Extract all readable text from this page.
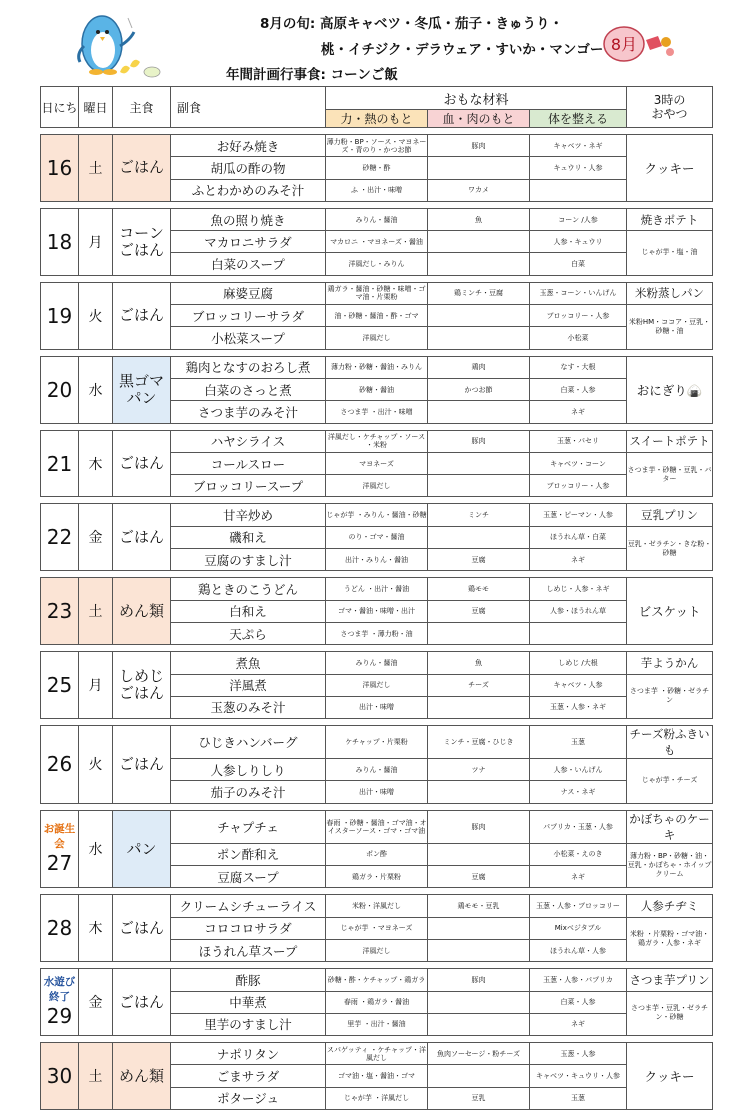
8月の旬: 高原キャベツ・冬瓜・茄子・きゅうり・
桃・イチジク・デラウェア・すいか・マンゴー
年間計画行事食: コーンご飯
8月
日にち	曜日	主食	副食	おもな材料			3時の
おやつ
				力・熱のもと	血・肉のもと	体を整える	

16	土	ごはん	お好み焼き	薄力粉・BP・ソース・マヨネーズ・青のり・かつお節	豚肉	キャベツ・ネギ	クッキー
			胡瓜の酢の物	砂糖・酢		キュウリ・人参	
			ふとわかめのみそ汁	ふ ・出汁・味噌	ワカメ		

18	月	コーン
ごはん	魚の照り焼き	みりん・醤油	魚	コーン /人参	焼きポテト
			マカロニサラダ	マカロニ ・マヨネーズ・醤油		人参・キュウリ	じゃが芋・塩・油
			白菜のスープ	洋風だし・みりん		白菜	

19	火	ごはん	麻婆豆腐	鶏ガラ・醤油・砂糖・味噌・ゴマ油・片栗粉	鶏ミンチ・豆腐	玉葱・コーン・いんげん	米粉蒸しパン
			ブロッコリーサラダ	油・砂糖・醤油・酢・ゴマ		ブロッコリー・人参	米粉HM・ココア・豆乳・砂糖・油
			小松菜スープ	洋風だし		小松菜	

20	水	黒ゴマ
パン	鶏肉となすのおろし煮	薄力粉・砂糖・醤油・みりん	鶏肉	なす・大根	おにぎり🍙
			白菜のさっと煮	砂糖・醤油	かつお節	白菜・人参	
			さつま芋のみそ汁	さつま芋 ・出汁・味噌		ネギ	

21	木	ごはん	ハヤシライス	洋風だし・ケチャップ・ソース ・米粉	豚肉	玉葱・パセリ	スイートポテト
			コールスロー	マヨネーズ		キャベツ・コーン	さつま芋・砂糖・豆乳・バター
			ブロッコリースープ	洋風だし		ブロッコリー・人参	

22	金	ごはん	甘辛炒め	じゃが芋 ・みりん・醤油・砂糖	ミンチ	玉葱・ピーマン・人参	豆乳プリン
			磯和え	のり・ゴマ・醤油		ほうれん草・白菜	豆乳・ゼラチン・きな粉・砂糖
			豆腐のすまし汁	出汁・みりん・醤油	豆腐	ネギ	

23	土	めん類	鶏ときのこうどん	うどん ・出汁・醤油	鶏モモ	しめじ・人参・ネギ	ビスケット
			白和え	ゴマ・醤油・味噌・出汁	豆腐	人参・ほうれん草	
			天ぷら	さつま芋 ・薄力粉・油			

25	月	しめじ
ごはん	煮魚	みりん・醤油	魚	しめじ /大根	芋ようかん
			洋風煮	洋風だし	チーズ	キャベツ・人参	さつま芋 ・砂糖・ゼラチン
			玉葱のみそ汁	出汁・味噌		玉葱・人参・ネギ	

26	火	ごはん	ひじきハンバーグ	ケチャップ・片栗粉	ミンチ・豆腐・ひじき	玉葱	チーズ粉ふきいも
			人参しりしり	みりん・醤油	ツナ	人参・いんげん	じゃが芋・チーズ
			茄子のみそ汁	出汁・味噌		ナス・ネギ	

お誕生会
27	水	パン	チャプチェ	春雨 ・砂糖・醤油・ゴマ油・オイスターソース・ゴマ・ゴマ油	豚肉	パプリカ・玉葱・人参	かぼちゃのケーキ
			ポン酢和え	ポン酢		小松菜・えのき	薄力粉・BP・砂糖・油・豆乳・かぼちゃ・ホイップクリーム
			豆腐スープ	鶏ガラ・片栗粉	豆腐	ネギ	

28	木	ごはん	クリームシチューライス	米粉・洋風だし	鶏モモ・豆乳	玉葱・人参・ブロッコリー	人参チヂミ
			コロコロサラダ	じゃが芋 ・マヨネーズ		Mixベジタブル	米粉 ・片栗粉・ゴマ油・鶏ガラ・人参・ネギ
			ほうれん草スープ	洋風だし		ほうれん草・人参	

水遊び終了
29	金	ごはん	酢豚	砂糖・酢・ケチャップ・鶏ガラ	豚肉	玉葱・人参・パプリカ	さつま芋プリン
			中華煮	春雨 ・鶏ガラ・醤油		白菜・人参	さつま芋・豆乳・ゼラチン・砂糖
			里芋のすまし汁	里芋 ・出汁・醤油		ネギ	

30	土	めん類	ナポリタン	スパゲッティ ・ケチャップ・洋風だし	魚肉ソーセージ・粉チーズ	玉葱・人参	クッキー
			ごまサラダ	ゴマ油・塩・醤油・ゴマ		キャベツ・キュウリ・人参	
			ポタージュ	じゃが芋 ・洋風だし	豆乳	玉葱	
